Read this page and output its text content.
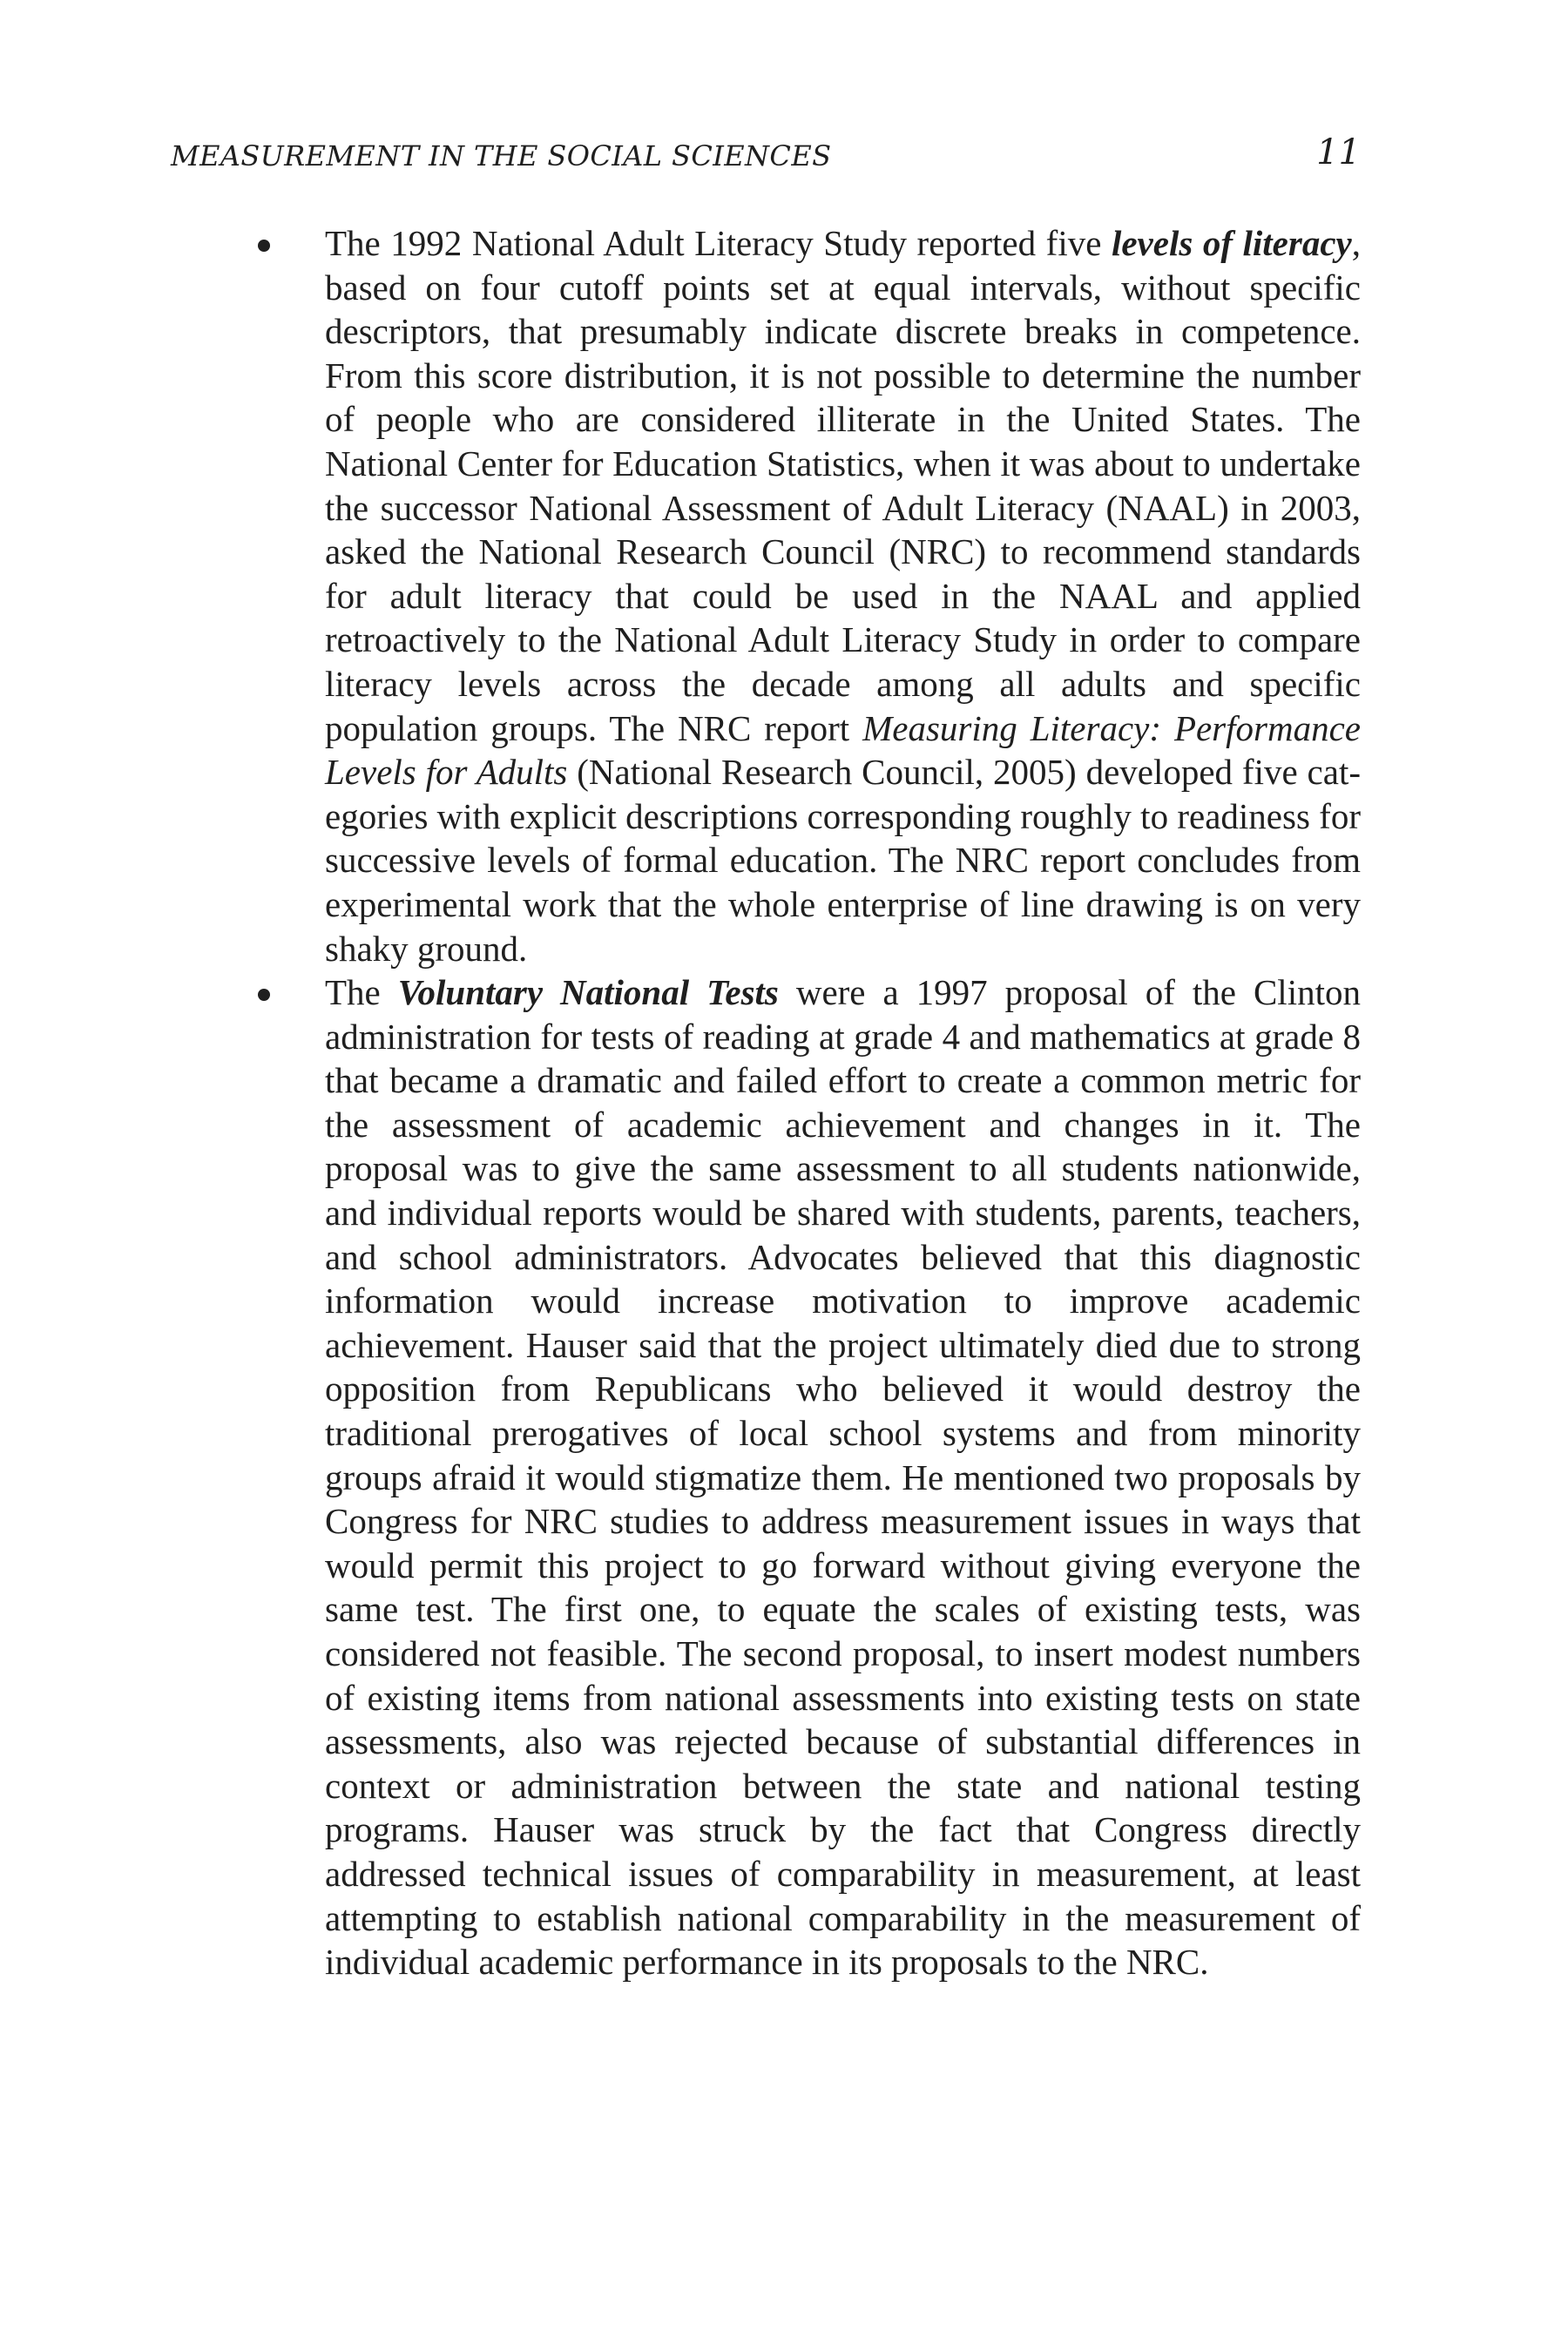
MEASUREMENT IN THE SOCIAL SCIENCES	11

The 1992 National Adult Literacy Study reported five levels of literacy, based on four cutoff points set at equal intervals, without specific descriptors, that presumably indicate discrete breaks in competence. From this score distribution, it is not possible to determine the number of people who are considered illiterate in the United States. The National Center for Education Statistics, when it was about to undertake the successor National Assessment of Adult Literacy (NAAL) in 2003, asked the National Research Council (NRC) to recommend standards for adult literacy that could be used in the NAAL and applied retroactively to the National Adult Literacy Study in order to compare literacy levels across the decade among all adults and specific population groups. The NRC report Measuring Literacy: Performance Levels for Adults (National Research Council, 2005) developed five categories with explicit descriptions corresponding roughly to readiness for successive levels of formal education. The NRC report concludes from experimental work that the whole enterprise of line drawing is on very shaky ground.

The Voluntary National Tests were a 1997 proposal of the Clinton administration for tests of reading at grade 4 and mathematics at grade 8 that became a dramatic and failed effort to create a common metric for the assessment of academic achievement and changes in it. The proposal was to give the same assessment to all students nationwide, and individual reports would be shared with students, parents, teachers, and school administrators. Advocates believed that this diagnostic information would increase motivation to improve academic achievement. Hauser said that the project ultimately died due to strong opposition from Republicans who believed it would destroy the traditional prerogatives of local school systems and from minority groups afraid it would stigmatize them. He mentioned two proposals by Congress for NRC studies to address measurement issues in ways that would permit this project to go forward without giving everyone the same test. The first one, to equate the scales of existing tests, was considered not feasible. The second proposal, to insert modest numbers of existing items from national assessments into existing tests on state assessments, also was rejected because of substantial differences in context or administration between the state and national testing programs. Hauser was struck by the fact that Congress directly addressed technical issues of comparability in measurement, at least attempting to establish national comparability in the measurement of individual academic performance in its proposals to the NRC.
